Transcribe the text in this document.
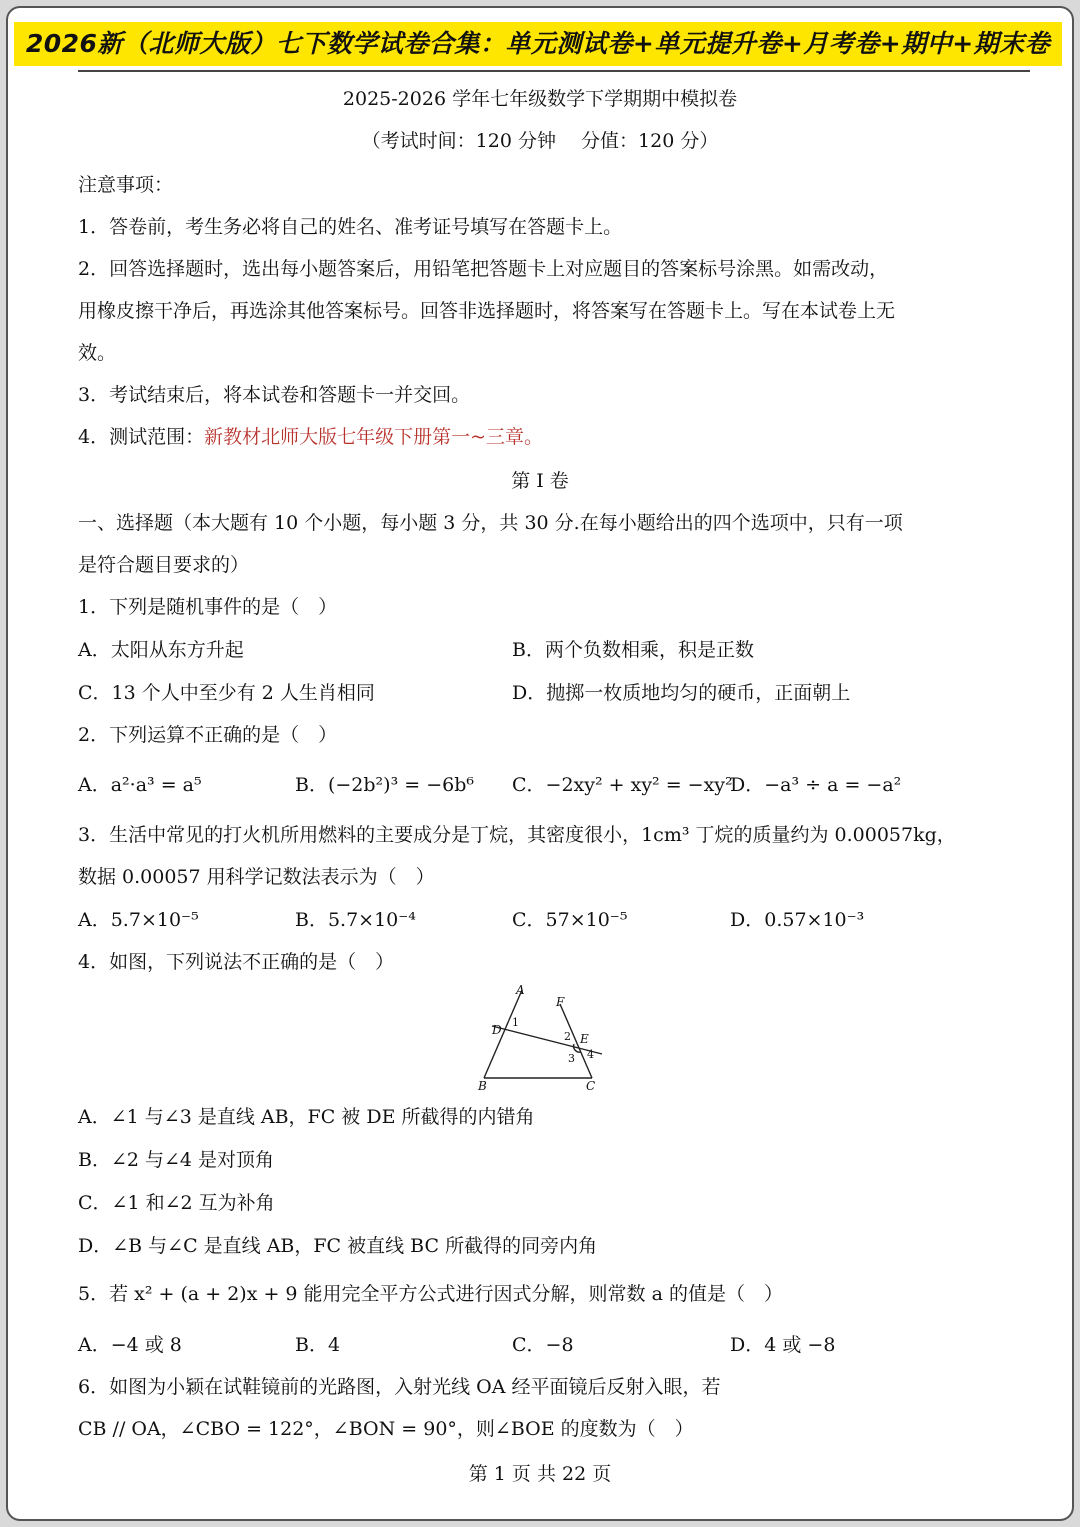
2026新（北师大版）七下数学试卷合集：单元测试卷+单元提升卷+月考卷+期中+期末卷
2025-2026 学年七年级数学下学期期中模拟卷
（考试时间：120 分钟　 分值：120 分）
注意事项：
1．答卷前，考生务必将自己的姓名、准考证号填写在答题卡上。
2．回答选择题时，选出每小题答案后，用铅笔把答题卡上对应题目的答案标号涂黑。如需改动，
用橡皮擦干净后，再选涂其他答案标号。回答非选择题时，将答案写在答题卡上。写在本试卷上无
效。
3．考试结束后，将本试卷和答题卡一并交回。
4．测试范围：新教材北师大版七年级下册第一~三章。
第 I 卷
一、选择题（本大题有 10 个小题，每小题 3 分，共 30 分.在每小题给出的四个选项中，只有一项
是符合题目要求的）
1．下列是随机事件的是（　）
A．太阳从东方升起	B．两个负数相乘，积是正数
C．13 个人中至少有 2 人生肖相同	D．抛掷一枚质地均匀的硬币，正面朝上
2．下列运算不正确的是（　）
A．a²·a³ = a⁵	B．(−2b²)³ = −6b⁶ C．−2xy² + xy² = −xy²
D．−a³ ÷ a = −a²
3．生活中常见的打火机所用燃料的主要成分是丁烷，其密度很小，1cm³ 丁烷的质量约为 0.00057kg，
数据 0.00057 用科学记数法表示为（　）
A．5.7×10⁻⁵	B．5.7×10⁻⁴	C．57×10⁻⁵	D．0.57×10⁻³
4．如图，下列说法不正确的是（　）
A
F
D
E
B	C
1
2
3 4
A．∠1 与∠3 是直线 AB，FC 被 DE 所截得的内错角
B．∠2 与∠4 是对顶角
C．∠1 和∠2 互为补角
D．∠B 与∠C 是直线 AB，FC 被直线 BC 所截得的同旁内角
5．若 x² + (a + 2)x + 9 能用完全平方公式进行因式分解，则常数 a 的值是（　）
A．−4 或 8	B．4	C．−8	D．4 或 −8
6．如图为小颖在试鞋镜前的光路图，入射光线 OA 经平面镜后反射入眼，若
CB // OA，∠CBO = 122°，∠BON = 90°，则∠BOE 的度数为（　）
第 1 页 共 22 页
